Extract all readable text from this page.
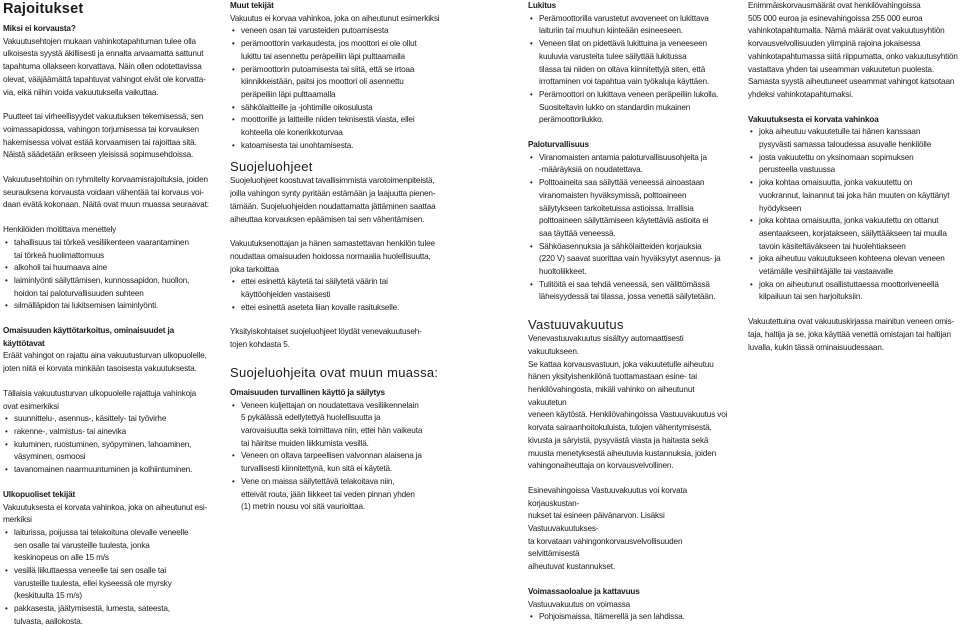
Rajoitukset

Miksi ei korvausta?

Vakuutusehtojen mukaan vahinkotapahtuman tulee olla

ulkoisesta syystä äkillisesti ja ennalta arvaamatta sattunut

tapahtuma ollakseen korvattava. Näin ollen odotettavissa

olevat, vääjäämättä tapahtuvat vahingot eivät ole korvatta-

via, eikä niihin voida vakuutuksella vaikuttaa.

Puutteet tai virheellisyydet vakuutuksen tekemisessä, sen

voimassapidossa, vahingon torjumisessa tai korvauksen

hakemisessa voivat estää korvaamisen tai rajoittaa sitä.

Näistä säädetään erikseen yleisissä sopimusehdoissa.

Vakuutusehtoihin on ryhmitelty korvaamisrajoituksia, joiden

seurauksena korvausta voidaan vähentää tai korvaus voi-

daan evätä kokonaan. Näitä ovat muun muassa seuraavat:

Henkilöiden moitittava menettely

• tahallisuus tai törkeä vesiliikenteen vaarantaminen
tai törkeä huolimattomuus
• alkoholi tai huumaava aine
• laiminlyönti säilyttämisen, kunnossapidon, huollon,
hoidon tai paloturvallisuuden suhteen
• silmälläpidon tai lukitsemisen laiminlyönti.

Omaisuuden käyttötarkoitus, ominaisuudet ja käyttötavat

Eräät vahingot on rajattu aina vakuutusturvan ulkopuolelle,

joten niitä ei korvata minkään tasoisesta vakuutuksesta.

Tällaisia vakuutusturvan ulkopuolelle rajattuja vahinkoja

ovat esimerkiksi

• suunnittelu-, asennus-, käsittely- tai työvirhe
• rakenne-, valmistus- tai ainevika
• kuluminen, ruostuminen, syöpyminen, lahoaminen,
väsyminen, osmoosi
• tavanomainen naarmuuntuminen ja kolhiintuminen.

Ulkopuoliset tekijät

Vakuutuksesta ei korvata vahinkoa, joka on aiheutunut esi-

merkiksi

• laiturissa, poijussa tai telakoituna olevalle veneelle
sen osalle tai varusteille tuulesta, jonka
keskinopeus on alle 15 m/s
• vesillä liikuttaessa veneelle tai sen osalle tai
varusteille tuulesta, ellei kyseessä ole myrsky
(keskituulta 15 m/s)
• pakkasesta, jäätymisestä, lumesta, sateesta,
tulvasta, aallokosta.

Muut tekijät

Vakuutus ei korvaa vahinkoa, joka on aiheutunut esimerkiksi

• veneen osan tai varusteiden putoamisesta
• perämoottorin varkaudesta, jos moottori ei ole ollut
lukittu tai asennettu peräpeiliin läpi pulttaamalla
• perämoottorin putoamisesta tai siitä, että se irtoaa
kiinnikkeistään, paitsi jos moottori oli asennettu
peräpeiliin läpi pulttaamalla
• sähkölaitteille ja -johtimille oikosulusta
• moottorille ja laitteille niiden teknisestä viasta, ellei
kohteella ole konerikkoturvaa
• katoamisesta tai unohtamisesta.
Suojeluohjeet

Suojeluohjeet koostuvat tavallisimmista varotoimenpiteistä,

joilla vahingon synty pyritään estämään ja laajuutta pienen-

tämään. Suojeluohjeiden noudattamatta jättäminen saattaa

aiheuttaa korvauksen epäämisen tai sen vähentämisen.

Vakuutuksenottajan ja hänen samastettavan henkilön tulee

noudattaa omaisuuden hoidossa normaalia huolellisuutta,

joka tarkoittaa

• ettei esinettä käytetä tai säilytetä väärin tai
käyttöohjeiden vastaisesti
• ettei esinettä aseteta liian kovalle rasitukselle.

Yksityiskohtaiset suojeluohjeet löydät venevakuutuseh-

tojen kohdasta 5.

Suojeluohjeita ovat muun muassa:

Omaisuuden turvallinen käyttö ja säilytys

• Veneen kuljettajan on noudatettava vesiliikennelain
5 pykälässä edellytettyä huolellisuutta ja
varovaisuutta sekä toimittava niin, ettei hän vaikeuta
tai häiritse muiden liikkumista vesillä.
• Veneen on oltava tarpeellisen valvonnan alaisena ja
turvallisesti kiinnitettynä, kun sitä ei käytetä.
• Vene on maissa säilytettävä telakoitava niin,
etteivät routa, jään liikkeet tai veden pinnan yhden
(1) metrin nousu voi sitä vaurioittaa.

Lukitus

• Perämoottorilla varustetut avoveneet on lukittava
laituriin tai muuhun kiinteään esineeseen.
• Veneen tilat on pidettävä lukittuina ja veneeseen
kuuluvia varusteita tulee säilyttää lukitussa
tilassa tai niiden on oltava kiinnitettyjä siten, että
irrottaminen voi tapahtua vain työkaluja käyttäen.
• Perämoottori on lukittava veneen peräpeiliin lukolla.
Suositeltavin lukko on standardin mukainen
perämoottorilukko.

Paloturvallisuus

• Viranomaisten antamia paloturvallisuusohjeita ja
-määräyksiä on noudatettava.
• Polttoaineita saa säilyttää veneessä ainoastaan
viranomaisten hyväksymissä, polttoaineen
säilytykseen tarkoitetuissa astioissa. Irrallisia
polttoaineen säilyttämiseen käytettäviä astioita ei
saa täyttää veneessä.
• Sähköasennuksia ja sähkölaitteiden korjauksia
(220 V) saavat suorittaa vain hyväksytyt asennus- ja
huoltoliikkeet.
• Tulitöitä ei saa tehdä veneessä, sen välittömässä
läheisyydessä tai tilassa, jossa venettä säilytetään.
Vastuuvakuutus

Venevastuuvakuutus sisältyy automaattisesti vakuutukseen.

Se kattaa korvausvastuun, joka vakuutetulle aiheutuu

hänen yksityishenkilönä tuottamastaan esine- tai

henkilövahingosta, mikäli vahinko on aiheutunut vakuutetun

veneen käytöstä. Henkilövahingoissa Vastuuvakuutus voi

korvata sairaanhoitokuluista, tulojen vähentymisestä,

kivusta ja säryistä, pysyvästä viasta ja haitasta sekä

muusta menetyksestä aiheutuvia kustannuksia, joiden

vahingonaiheuttaja on korvausvelvollinen.

Esinevahingoissa Vastuuvakuutus voi korvata korjauskustan-

nukset tai esineen päivänarvon. Lisäksi Vastuuvakuutukses-

ta korvataan vahingonkorvausvelvollisuuden selvittämisestä

aiheutuvat kustannukset.

Voimassaoloalue ja kattavuus

Vastuuvakuutus on voimassa

• Pohjoismaissa, Itämerellä ja sen lahdissa.

Enimmäiskorvausmäärät ovat henkilövahingoissa

505 000 euroa ja esinevahingoissa 255 000 euroa

vahinkotapahtumalta. Nämä määrät ovat vakuutusyhtiön

korvausvelvollisuuden ylimpinä rajoina jokaisessa

vahinkotapahtumassa siitä riippumatta, onko vakuutusyhtiön

vastattava yhden tai useamman vakuutetun puolesta.

Samasta syystä aiheutuneet useammat vahingot katsotaan

yhdeksi vahinkotapahtumaksi.

Vakuutuksesta ei korvata vahinkoa

• joka aiheutuu vakuutetulle tai hänen kanssaan
pysyvästi samassa taloudessa asuvalle henkilölle
• josta vakuutettu on yksinomaan sopimuksen
perusteella vastuussa
• joka kohtaa omaisuutta, jonka vakuutettu on
vuokrannut, lainannut tai joka hän muuten on käyttänyt
hyödykseen
• joka kohtaa omaisuutta, jonka vakuutettu on ottanut
asentaakseen, korjatakseen, säilyttääkseen tai muulla
tavoin käsiteltäväkseen tai huolehtiakseen
• joka aiheutuu vakuutukseen kohteena olevan veneen
vetämälle vesihiihtäjälle tai vastaavalle
• joka on aiheutunut osallistuttaessa moottoriveneellä
kilpailuun tai sen harjoituksiin.

Vakuutettuina ovat vakuutuskirjassa mainitun veneen omis-

taja, haltija ja se, joka käyttää venettä omistajan tai haltijan

luvalla, kukin tässä ominaisuudessaan.
